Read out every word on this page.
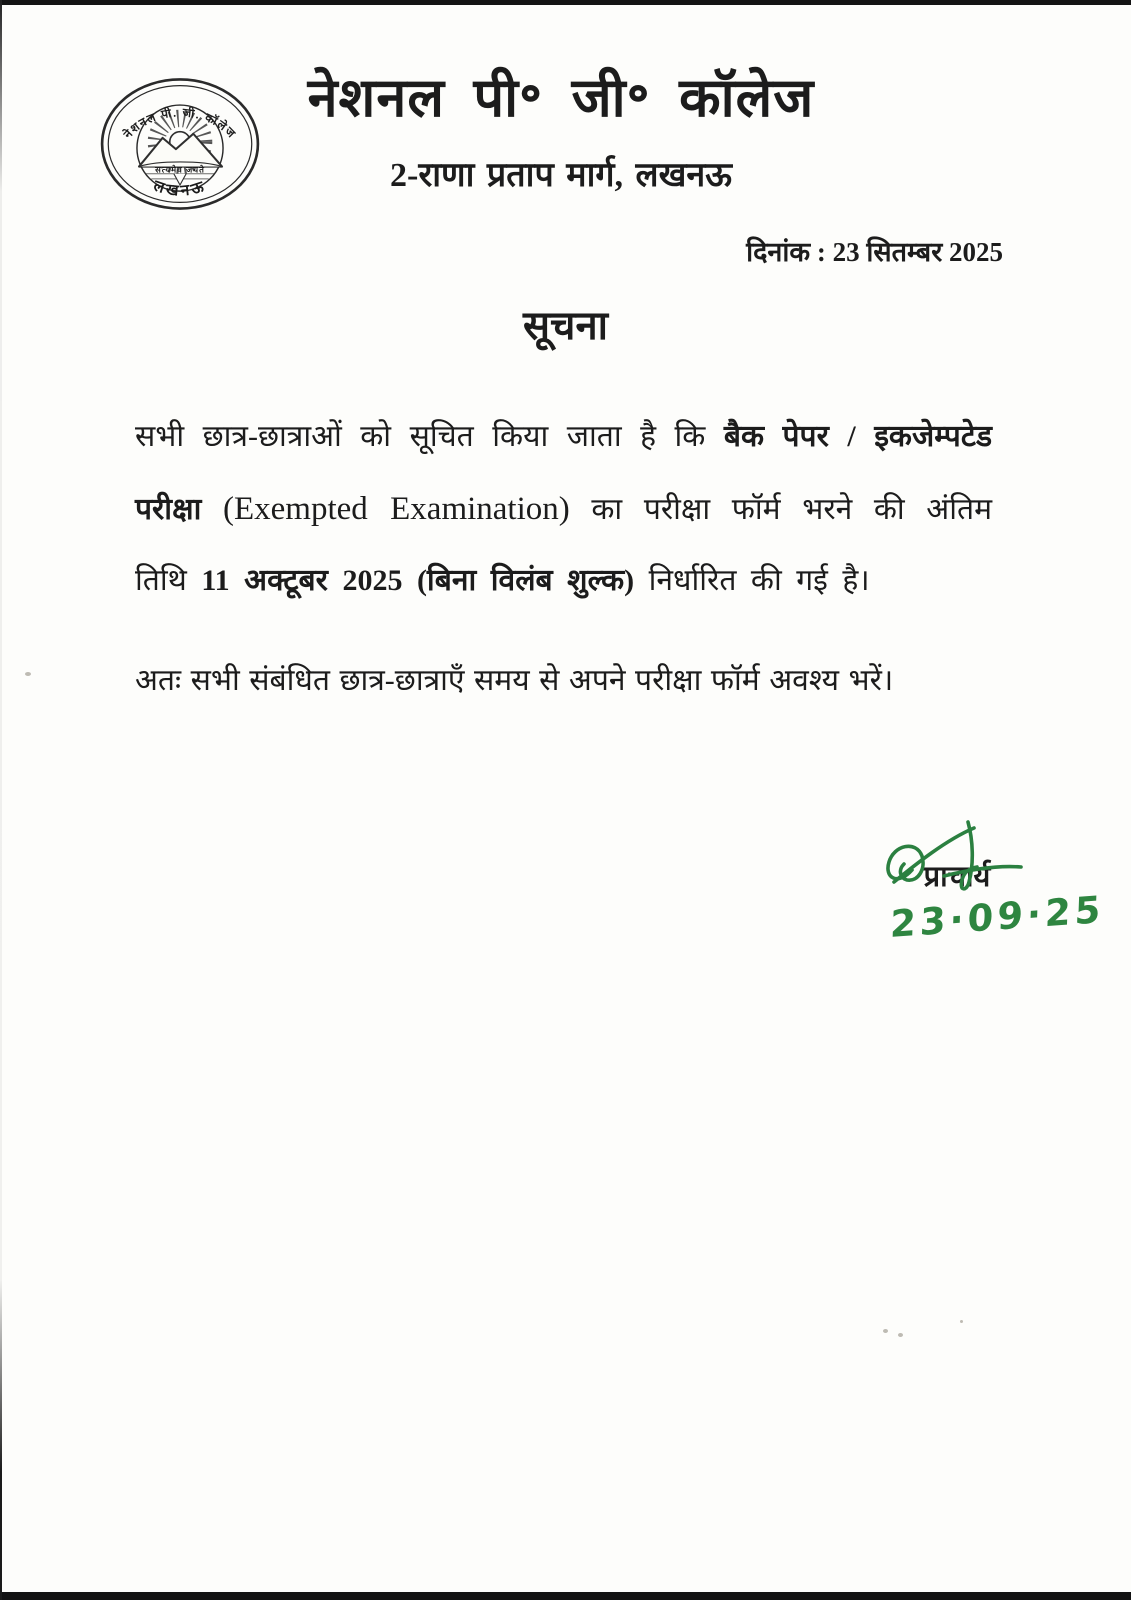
नेशनल पी. जी. कॉलेज
सत्यमेव जयते
लखनऊ
नेशनल पी॰ जी॰ कॉलेज
2-राणा प्रताप मार्ग, लखनऊ
दिनांक : 23 सितम्बर 2025
सूचना
सभी छात्र-छात्राओं को सूचित किया जाता है कि बैक पेपर / इकजेम्पटेड
परीक्षा (Exempted Examination) का परीक्षा फॉर्म भरने की अंतिम
तिथि 11 अक्टूबर 2025 (बिना विलंब शुल्क) निर्धारित की गई है।
अतः सभी संबंधित छात्र-छात्राएँ समय से अपने परीक्षा फॉर्म अवश्य भरें।
प्राचार्य
23·09·25
